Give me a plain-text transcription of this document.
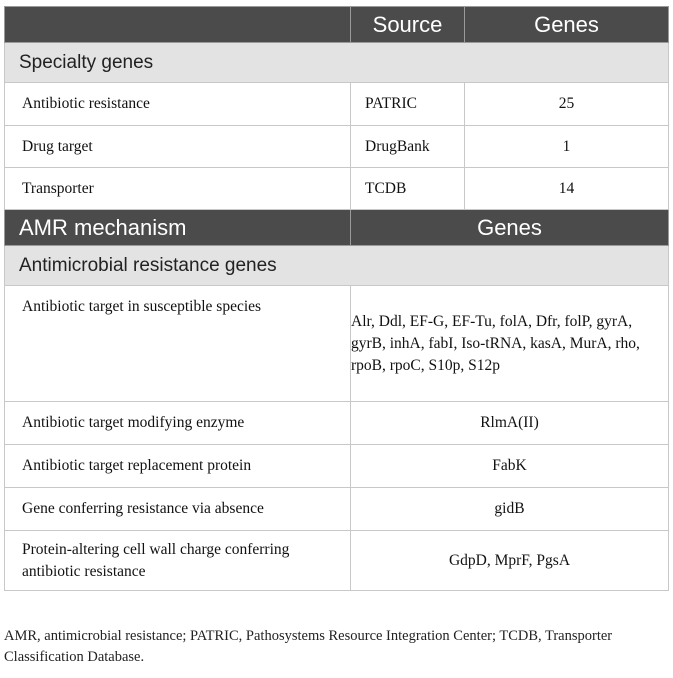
	Source	Genes
Specialty genes		
Antibiotic resistance	PATRIC	25
Drug target	DrugBank	1
Transporter	TCDB	14
AMR mechanism	Genes	
Antimicrobial resistance genes		
Antibiotic target in susceptible species	Alr, Ddl, EF-G, EF-Tu, folA, Dfr, folP, gyrA, gyrB, inhA, fabI, Iso-tRNA, kasA, MurA, rho, rpoB, rpoC, S10p, S12p	
Antibiotic target modifying enzyme	RlmA(II)	
Antibiotic target replacement protein	FabK	
Gene conferring resistance via absence	gidB	
Protein-altering cell wall charge conferring antibiotic resistance	GdpD, MprF, PgsA	
AMR, antimicrobial resistance; PATRIC, Pathosystems Resource Integration Center; TCDB, Transporter Classification Database.
